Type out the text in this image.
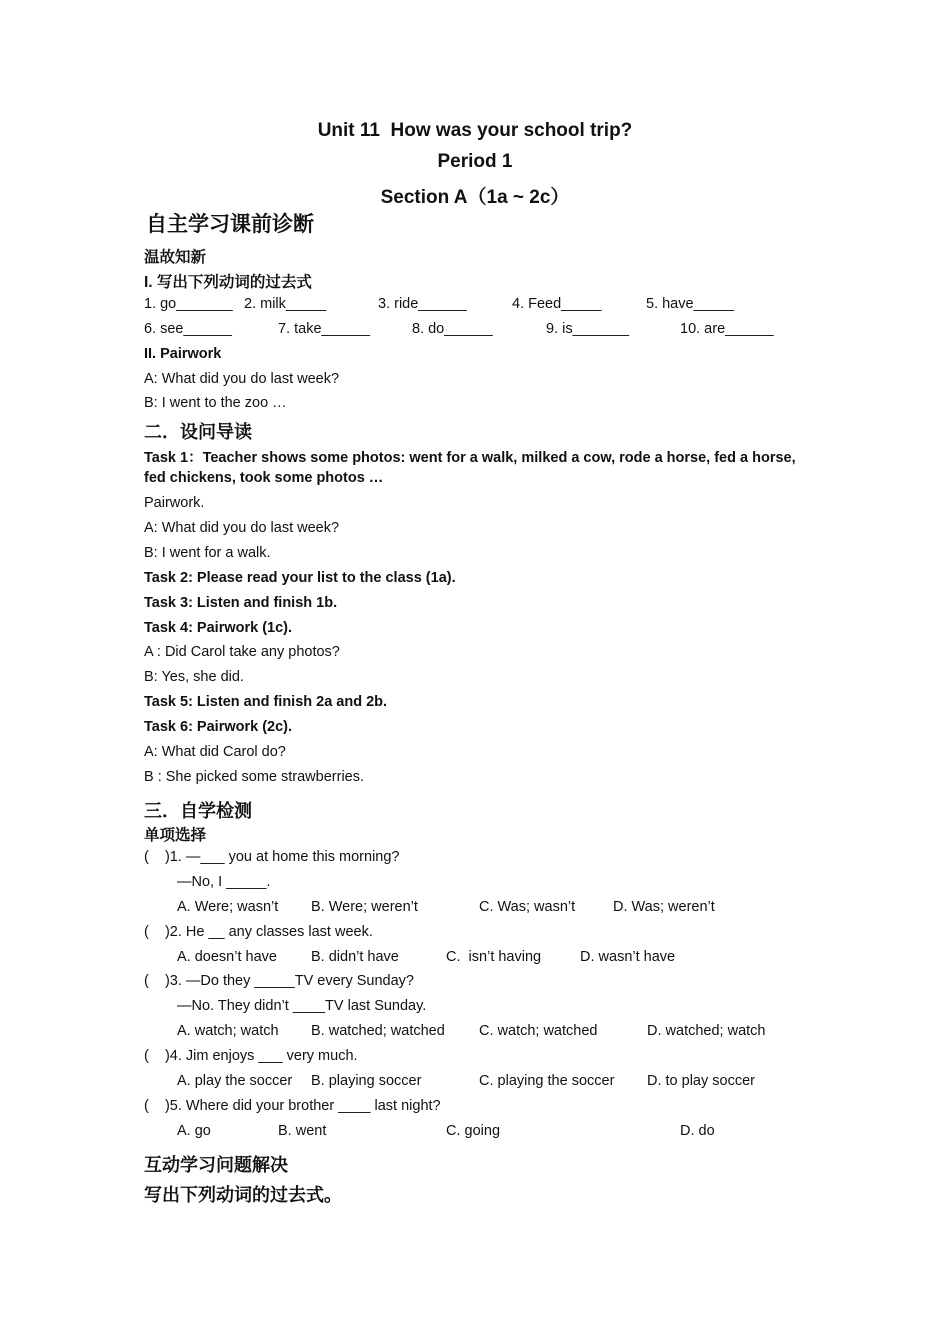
Unit 11  How was your school trip?
Period 1
Section A（1a ~ 2c）
自主学习课前诊断
温故知新
I. 写出下列动词的过去式
1. go_______ 2. milk_____	3. ride______	4. Feed_____	5. have_____
6. see______	7. take______	8. do______	9. is_______	10. are______
II. Pairwork
A: What did you do last week?
B: I went to the zoo …
二．设问导读
Task 1：Teacher shows some photos: went for a walk, milked a cow, rode a horse, fed a horse,
fed chickens, took some photos …
Pairwork.
A: What did you do last week?
B: I went for a walk.
Task 2: Please read your list to the class (1a).
Task 3: Listen and finish 1b.
Task 4: Pairwork (1c).
A : Did Carol take any photos?
B: Yes, she did.
Task 5: Listen and finish 2a and 2b.
Task 6: Pairwork (2c).
A: What did Carol do?
B : She picked some strawberries.
三．自学检测
单项选择
(    )1. —___ you at home this morning?
—No, I _____.
A. Were; wasn’t B. Were; weren’t	C. Was; wasn’t	D. Was; weren’t
(    )2. He __ any classes last week.
A. doesn’t have B. didn’t have	C.  isn’t having	D. wasn’t have
(    )3. —Do they _____TV every Sunday?
—No. They didn’t ____TV last Sunday.
A. watch; watch B. watched; watched C. watch; watched	D. watched; watch
(    )4. Jim enjoys ___ very much.
A. play the soccer B. playing soccer	C. playing the soccer D. to play soccer
(    )5. Where did your brother ____ last night?
A. go	B. went	C. going	D. do
互动学习问题解决
写出下列动词的过去式。
